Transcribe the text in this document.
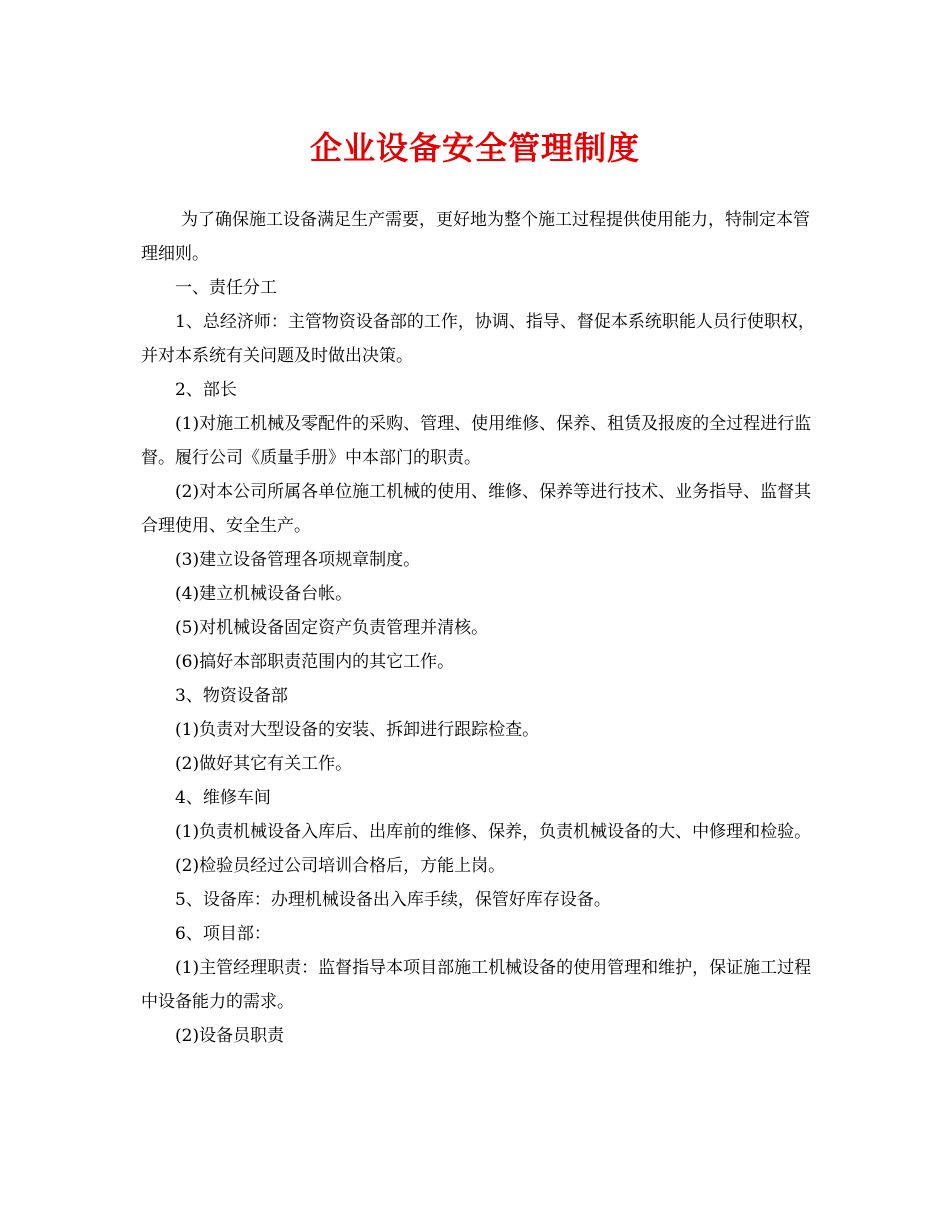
企业设备安全管理制度

为了确保施工设备满足生产需要，更好地为整个施工过程提供使用能力，特制定本管理细则。

一、责任分工

1、总经济师：主管物资设备部的工作，协调、指导、督促本系统职能人员行使职权，并对本系统有关问题及时做出决策。

2、部长

(1)对施工机械及零配件的采购、管理、使用维修、保养、租赁及报废的全过程进行监督。履行公司《质量手册》中本部门的职责。

(2)对本公司所属各单位施工机械的使用、维修、保养等进行技术、业务指导、监督其合理使用、安全生产。

(3)建立设备管理各项规章制度。

(4)建立机械设备台帐。

(5)对机械设备固定资产负责管理并清核。

(6)搞好本部职责范围内的其它工作。

3、物资设备部

(1)负责对大型设备的安装、拆卸进行跟踪检查。

(2)做好其它有关工作。

4、维修车间

(1)负责机械设备入库后、出库前的维修、保养，负责机械设备的大、中修理和检验。

(2)检验员经过公司培训合格后，方能上岗。

5、设备库：办理机械设备出入库手续，保管好库存设备。

6、项目部：

(1)主管经理职责：监督指导本项目部施工机械设备的使用管理和维护，保证施工过程中设备能力的需求。

(2)设备员职责
